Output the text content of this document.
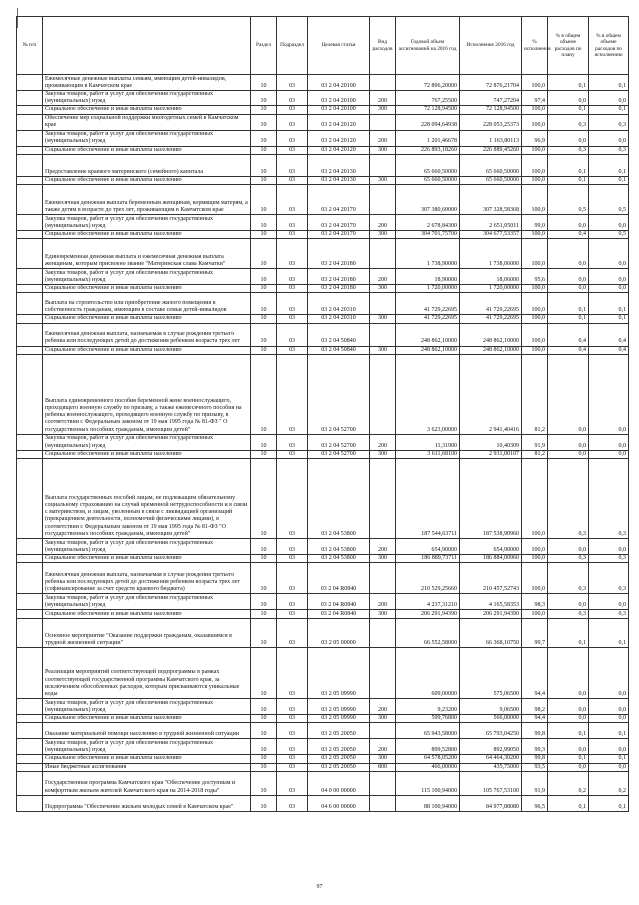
№ п/п		Раздел	Подраздел	Целевая статья	Вид расходов	Годовой объем ассигнований на 2016 год	Исполнение 2016 год	% исполнения	% в общем объеме расходов по плану	% в общем объеме расходов по исполнению
	Ежемесячные денежные выплаты семьям, имеющим детей-инвалидов, проживающим в Камчатском крае	10	03	03 2 04 20100		72 896,20000	72 876,21704	100,0	0,1	0,1
	Закупка товаров, работ и услуг для обеспечения государственных (муниципальных) нужд	10	03	03 2 04 20100	200	767,25500	747,27204	97,4	0,0	0,0
	Социальное обеспечение и иные выплаты населению	10	03	03 2 04 20100	300	72 128,94500	72 128,94500	100,0	0,1	0,1
	Обеспечение мер социальной поддержки многодетных семей в Камчатском крае	10	03	03 2 04 20120		228 094,64938	228 053,25373	100,0	0,3	0,3
	Закупка товаров, работ и услуг для обеспечения государственных (муниципальных) нужд	10	03	03 2 04 20120	200	1 201,46678	1 163,80113	96,9	0,0	0,0
	Социальное обеспечение и иные выплаты населению	10	03	03 2 04 20120	300	226 893,18260	226 889,45260	100,0	0,3	0,3
	Предоставление краевого материнского (семейного) капитала	10	03	03 2 04 20130		65 660,50000	65 660,50000	100,0	0,1	0,1
	Социальное обеспечение и иные выплаты населению	10	03	03 2 04 20130	300	65 660,50000	65 660,50000	100,0	0,1	0,1
	Ежемесячная денежная выплата беременным женщинам, кормящим матерям, а также детям в возрасте до трех лет, проживающим в Камчатском крае	10	03	03 2 04 20170		307 380,60000	307 328,58368	100,0	0,5	0,5
	Закупка товаров, работ и услуг для обеспечения государственных (муниципальных) нужд	10	03	03 2 04 20170	200	2 678,84300	2 651,05011	99,0	0,0	0,0
	Социальное обеспечение и иные выплаты населению	10	03	03 2 04 20170	300	304 701,75700	304 677,53357	100,0	0,4	0,5
	Единовременная денежная выплата и ежемесячная денежная выплата женщинам, которым присвоено звание "Материнская слава Камчатки"	10	03	03 2 04 20180		1 738,90000	1 738,06000	100,0	0,0	0,0
	Закупка товаров, работ и услуг для обеспечения государственных (муниципальных) нужд	10	03	03 2 04 20180	200	18,90000	18,06000	95,6	0,0	0,0
	Социальное обеспечение и иные выплаты населению	10	03	03 2 04 20180	300	1 720,00000	1 720,00000	100,0	0,0	0,0
	Выплата на строительство или приобретение жилого помещения в собственность гражданам, имеющим в составе семьи детей-инвалидов	10	03	03 2 04 20310		41 729,22695	41 729,22695	100,0	0,1	0,1
	Социальное обеспечение и иные выплаты населению	10	03	03 2 04 20310	300	41 729,22695	41 729,22695	100,0	0,1	0,1
	Ежемесячная денежная выплата, назначаемая в случае рождения третьего ребенка или последующих детей до достижения ребенком возраста трех лет	10	03	03 2 04 50840		248 862,10000	248 862,10000	100,0	0,4	0,4
	Социальное обеспечение и иные выплаты населению	10	03	03 2 04 50840	300	248 862,10000	248 862,10000	100,0	0,4	0,4
	Выплата единовременного пособия беременной жене военнослужащего, проходящего военную службу по призыву, а также ежемесячного пособия на ребенка военнослужащего, проходящего военную службу по призыву, в соответствии с Федеральным законом от 19 мая 1995 года № 81-ФЗ " О государственных пособиях гражданам, имеющим детей"	10	03	03 2 04 52700		3 623,00000	2 941,40416	81,2	0,0	0,0
	Закупка товаров, работ и услуг для обеспечения государственных (муниципальных) нужд	10	03	03 2 04 52700	200	11,31900	10,40309	91,9	0,0	0,0
	Социальное обеспечение и иные выплаты населению	10	03	03 2 04 52700	300	3 611,68100	2 931,00107	81,2	0,0	0,0
	Выплата государственных пособий лицам, не подлежащим обязательному социальному страхованию на случай временной нетрудоспособности и в связи с материнством, и лицам, уволенным в связи с ликвидацией организаций (прекращением деятельности, полномочий физическими лицами), в соответствии с Федеральным законом от 19 мая 1995 года № 81-ФЗ "О государственных пособиях гражданам, имеющим детей"	10	03	03 2 04 53800		187 544,63711	187 538,90960	100,0	0,3	0,3
	Закупка товаров, работ и услуг для обеспечения государственных (муниципальных) нужд	10	03	03 2 04 53800	200	654,90000	654,90000	100,0	0,0	0,0
	Социальное обеспечение и иные выплаты населению	10	03	03 2 04 53800	300	186 889,73711	186 884,00960	100,0	0,3	0,3
	Ежемесячная денежная выплата, назначаемая в случае рождения третьего ребенка или последующих детей до достижения ребенком возраста трех лет (софинансирование за счет средств краевого бюджета)	10	03	03 2 04 R0840		210 529,25660	210 457,52743	100,0	0,3	0,3
	Закупка товаров, работ и услуг для обеспечения государственных (муниципальных) нужд	10	03	03 2 04 R0840	200	4 237,31210	4 165,58353	98,3	0,0	0,0
	Социальное обеспечение и иные выплаты населению	10	03	03 2 04 R0840	300	206 291,94390	206 291,94390	100,0	0,3	0,3
	Основное мероприятие "Оказание поддержки гражданам, оказавшимся в трудной жизненной ситуации"	10	03	03 2 05 00000		66 552,58000	66 368,10750	99,7	0,1	0,1
	Реализация мероприятий соответствующей подпрограммы в рамках соответствующей государственной программы Камчатского края, за исключением обособленных расходов, которым присваиваются уникальные коды	10	03	03 2 05 09990		609,00000	575,06500	94,4	0,0	0,0
	Закупка товаров, работ и услуг для обеспечения государственных (муниципальных) нужд	10	03	03 2 05 09990	200	9,23200	9,06500	98,2	0,0	0,0
	Социальное обеспечение и иные выплаты населению	10	03	03 2 05 09990	300	599,76800	566,00000	94,4	0,0	0,0
	Оказание материальной помощи населению в трудной жизненной ситуации	10	03	03 2 05 20050		65 943,58000	65 793,04250	99,8	0,1	0,1
	Закупка товаров, работ и услуг для обеспечения государственных (муниципальных) нужд	10	03	03 2 05 20050	200	899,52800	892,99050	99,3	0,0	0,0
	Социальное обеспечение и иные выплаты населению	10	03	03 2 05 20050	300	64 578,05200	64 464,30200	99,8	0,1	0,1
	Иные бюджетные ассигнования	10	03	03 2 05 20050	800	466,00000	435,75000	93,5	0,0	0,0
	Государственная программа Камчатского края "Обеспечение доступным и комфортным жильем жителей Камчатского края на 2014-2018 годы"	10	03	04 0 00 00000		115 100,94000	105 767,53100	91,9	0,2	0,2
	Подпрограмма "Обеспечение жильем молодых семей в Камчатском крае"	10	03	04 6 00 00000		88 100,94000	84 977,88080	96,5	0,1	0,1
97
